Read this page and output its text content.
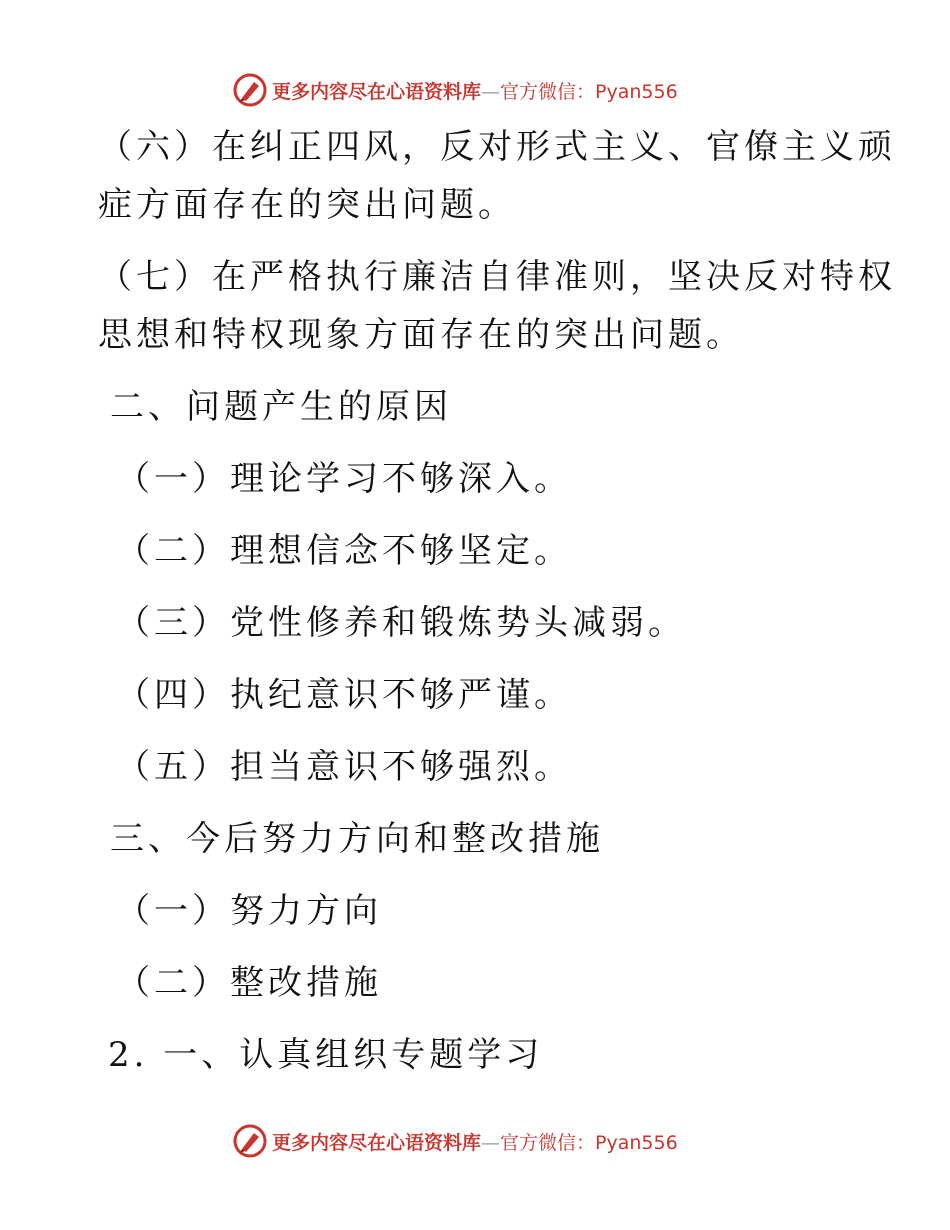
更多内容尽在心语资料库—官方微信：Pyan556
（六）在纠正四风，反对形式主义、官僚主义顽
症方面存在的突出问题。
（七）在严格执行廉洁自律准则，坚决反对特权
思想和特权现象方面存在的突出问题。
二、问题产生的原因
（一）理论学习不够深入。
（二）理想信念不够坚定。
（三）党性修养和锻炼势头减弱。
（四）执纪意识不够严谨。
（五）担当意识不够强烈。
三、今后努力方向和整改措施
（一）努力方向
（二）整改措施
2. 一、认真组织专题学习
更多内容尽在心语资料库—官方微信：Pyan556
